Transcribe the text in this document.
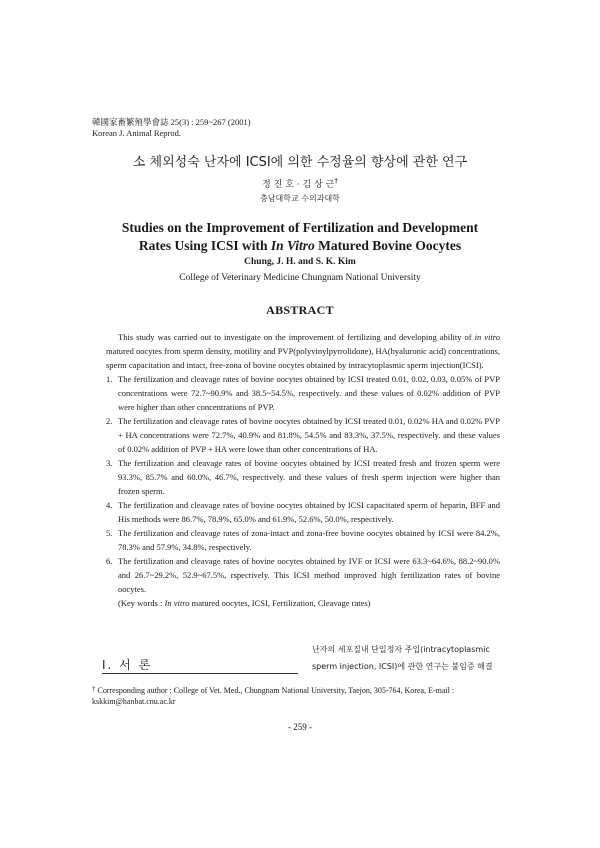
韓國家畜繁殖學會誌 25(3) : 259~267 (2001)
Korean J. Animal Reprod.
소 체외성숙 난자에 ICSI에 의한 수정율의 향상에 관한 연구
정 진 호 · 김 상 근†
충남대학교 수의과대학
Studies on the Improvement of Fertilization and Development
Rates Using ICSI with In Vitro Matured Bovine Oocytes
Chung, J. H. and S. K. Kim
College of Veterinary Medicine Chungnam National University
ABSTRACT

This study was carried out to investigate on the improvement of fertilizing and developing ability of in vitro matured oocytes from sperm density, motility and PVP(polyvinylpyrrolidone), HA(hyaluronic acid) concentrations, sperm capacitation and intact, free-zona of bovine oocytes obtained by intracytoplasmic sperm injection(ICSI).

1. The fertilization and cleavage rates of bovine oocytes obtained by ICSI treated 0.01, 0.02, 0.03, 0.05% of PVP concentrations were 72.7~90.9% and 38.5~54.5%, respectively. and these values of 0.02% addition of PVP were higher than other concentrations of PVP.
2. The fertilization and cleavage rates of bovine oocytes obtained by ICSI treated 0.01, 0.02% HA and 0.02% PVP + HA concentrations were 72.7%, 40.9% and 81.8%, 54.5% and 83.3%, 37.5%, respectively. and these values of 0.02% addition of PVP + HA were lowe than other concentrations of HA.
3. The fertilization and cleavage rates of bovine oocytes obtained by ICSI treated fresh and frozen sperm were 93.3%, 85.7% and 60.0%, 46.7%, respectively. and these values of fresh sperm injection were higher than frozen sperm.
4. The fertilization and cleavage rates of bovine oocytes obtained by ICSI capacitated sperm of heparin, BFF and His methods were 86.7%, 78.9%, 65.0% and 61.9%, 52.6%, 50.0%, respectively.
5. The fertilization and cleavage rates of zona-intact and zona-free bovine oocytes obtained by ICSI were 84.2%, 78.3% and 57.9%, 34.8%, respectively.
6. The fertilization and cleavage rates of bovine oocytes obtained by IVF or ICSI were 63.3~64.6%, 88.2~90.0% and 26.7~29.2%, 52.9~67.5%, rspectively. This ICSI method improved high fertilization rates of bovine oocytes.

(Key words : In vitro matured oocytes, ICSI, Fertilization, Cleavage rates)

Ⅰ. 서 론
난자의 세포질내 단일정자 주입(intracytoplasmic
sperm injection, ICSI)에 관한 연구는 불임증 해결
† Corresponding author : College of Vet. Med., Chungnam National University, Taejon, 305-764, Korea, E-mail : kskkim@hanbat.cnu.ac.kr
- 259 -
